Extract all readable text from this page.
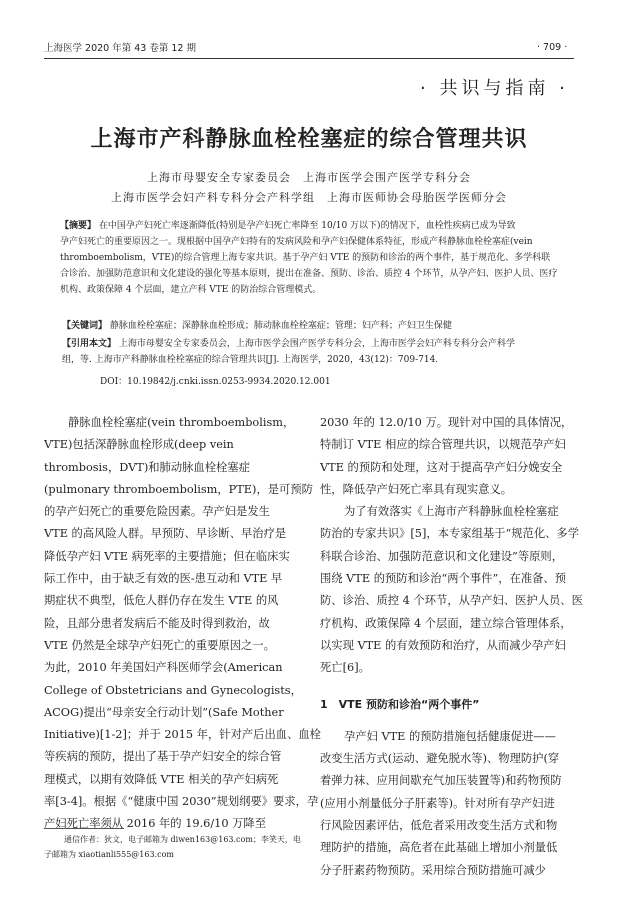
上海医学 2020 年第 43 卷第 12 期	· 709 ·
· 共识与指南 ·
上海市产科静脉血栓栓塞症的综合管理共识
上海市母婴安全专家委员会　上海市医学会围产医学专科分会
上海市医学会妇产科专科分会产科学组　上海市医师协会母胎医学医师分会
【摘要】 在中国孕产妇死亡率逐渐降低(特别是孕产妇死亡率降至 10/10 万以下)的情况下，血栓性疾病已成为导致
孕产妇死亡的重要原因之一。现根据中国孕产妇特有的发病风险和孕产妇保健体系特征，形成产科静脉血栓栓塞症(vein
thromboembolism，VTE)的综合管理上海专家共识。基于孕产妇 VTE 的预防和诊治的两个事件，基于规范化、多学科联
合诊治、加强防范意识和文化建设的强化等基本原则，提出在准备、预防、诊治、质控 4 个环节，从孕产妇、医护人员、医疗
机构、政策保障 4 个层面，建立产科 VTE 的防治综合管理模式。
【关键词】 静脉血栓栓塞症；深静脉血栓形成；肺动脉血栓栓塞症；管理；妇产科；产妇卫生保健
【引用本文】 上海市母婴安全专家委员会，上海市医学会围产医学专科分会，上海市医学会妇产科专科分会产科学
组，等. 上海市产科静脉血栓栓塞症的综合管理共识[J]. 上海医学，2020，43(12)：709-714.
DOI：10.19842/j.cnki.issn.0253-9934.2020.12.001
静脉血栓栓塞症(vein thromboembolism，
VTE)包括深静脉血栓形成(deep vein
thrombosis，DVT)和肺动脉血栓栓塞症
(pulmonary thromboembolism，PTE)，是可预防
的孕产妇死亡的重要危险因素。孕产妇是发生
VTE 的高风险人群。早预防、早诊断、早治疗是
降低孕产妇 VTE 病死率的主要措施；但在临床实
际工作中，由于缺乏有效的医-患互动和 VTE 早
期症状不典型，低危人群仍存在发生 VTE 的风
险，且部分患者发病后不能及时得到救治，故
VTE 仍然是全球孕产妇死亡的重要原因之一。
为此，2010 年美国妇产科医师学会(American
College of Obstetricians and Gynecologists，
ACOG)提出“母亲安全行动计划”(Safe Mother
Initiative)[1-2]；并于 2015 年，针对产后出血、血栓
等疾病的预防，提出了基于孕产妇安全的综合管
理模式，以期有效降低 VTE 相关的孕产妇病死
率[3-4]。根据《“健康中国 2030”规划纲要》要求，孕
产妇死亡率须从 2016 年的 19.6/10 万降至
通信作者：狄文，电子邮箱为 diwen163@163.com；李笑天，电
子邮箱为 xiaotianli555@163.com
2030 年的 12.0/10 万。现针对中国的具体情况，
特制订 VTE 相应的综合管理共识，以规范孕产妇
VTE 的预防和处理，这对于提高孕产妇分娩安全
性，降低孕产妇死亡率具有现实意义。
为了有效落实《上海市产科静脉血栓栓塞症
防治的专家共识》[5]，本专家组基于“规范化、多学
科联合诊治、加强防范意识和文化建设”等原则，
围绕 VTE 的预防和诊治“两个事件”，在准备、预
防、诊治、质控 4 个环节，从孕产妇、医护人员、医
疗机构、政策保障 4 个层面，建立综合管理体系，
以实现 VTE 的有效预防和治疗，从而减少孕产妇
死亡[6]。
1　VTE 预防和诊治“两个事件”
孕产妇 VTE 的预防措施包括健康促进——
改变生活方式(运动、避免脱水等)、物理防护(穿
着弹力袜、应用间歇充气加压装置等)和药物预防
(应用小剂量低分子肝素等)。针对所有孕产妇进
行风险因素评估，低危者采用改变生活方式和物
理防护的措施，高危者在此基础上增加小剂量低
分子肝素药物预防。采用综合预防措施可减少
